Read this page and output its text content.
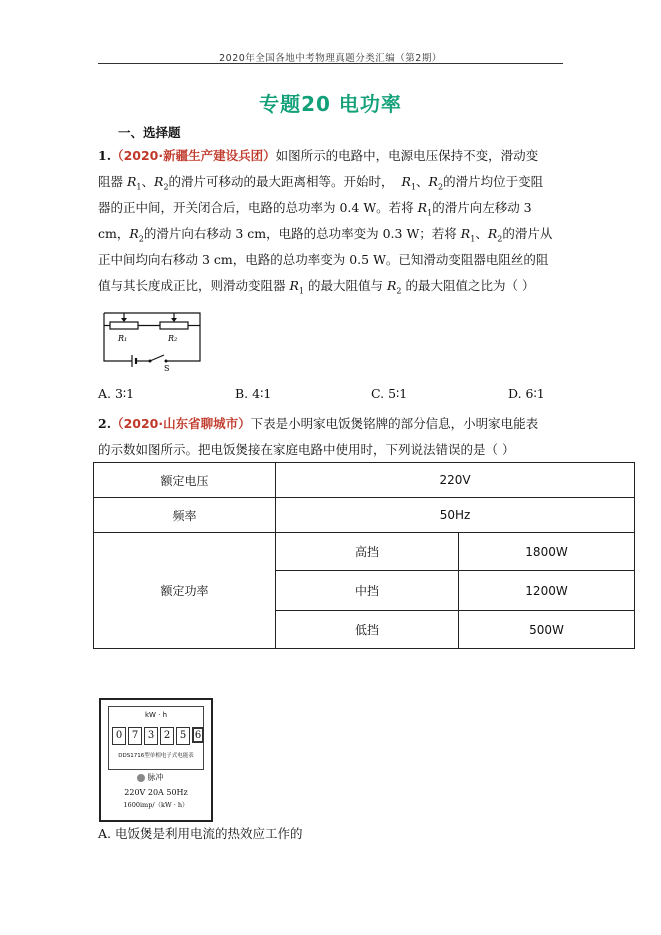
2020年全国各地中考物理真题分类汇编（第2期）
专题20 电功率
一、选择题
1.（2020·新疆生产建设兵团）如图所示的电路中，电源电压保持不变，滑动变
阻器 $R_1$、$R_2$的滑片可移动的最大距离相等。开始时， $R_1$、$R_2$的滑片均位于变阻
器的正中间，开关闭合后，电路的总功率为 0.4 W。若将 $R_1$的滑片向左移动 3
cm，$R_2$的滑片向右移动 3 cm，电路的总功率变为 0.3 W；若将 $R_1$、$R_2$的滑片从
正中间均向右移动 3 cm，电路的总功率变为 0.5 W。已知滑动变阻器电阻丝的阻
值与其长度成正比，则滑动变阻器 $R_1$ 的最大阻值与 $R_2$ 的最大阻值之比为（ ）
R₁	R₂
S
A. 3∶1	B. 4∶1	C. 5∶1	D. 6∶1
2.（2020·山东省聊城市）下表是小明家电饭煲铭牌的部分信息，小明家电能表
的示数如图所示。把电饭煲接在家庭电路中使用时，下列说法错误的是（ ）
额定电压	220V	
频率	50Hz	
额定功率	高挡	1800W
	中挡	1200W
	低挡	500W
kW · h
0 7 3 2 5 6
DDS1716型单相电子式电能表
脉冲
220V 20A 50Hz
1600imp/（kW · h）
A. 电饭煲是利用电流的热效应工作的
